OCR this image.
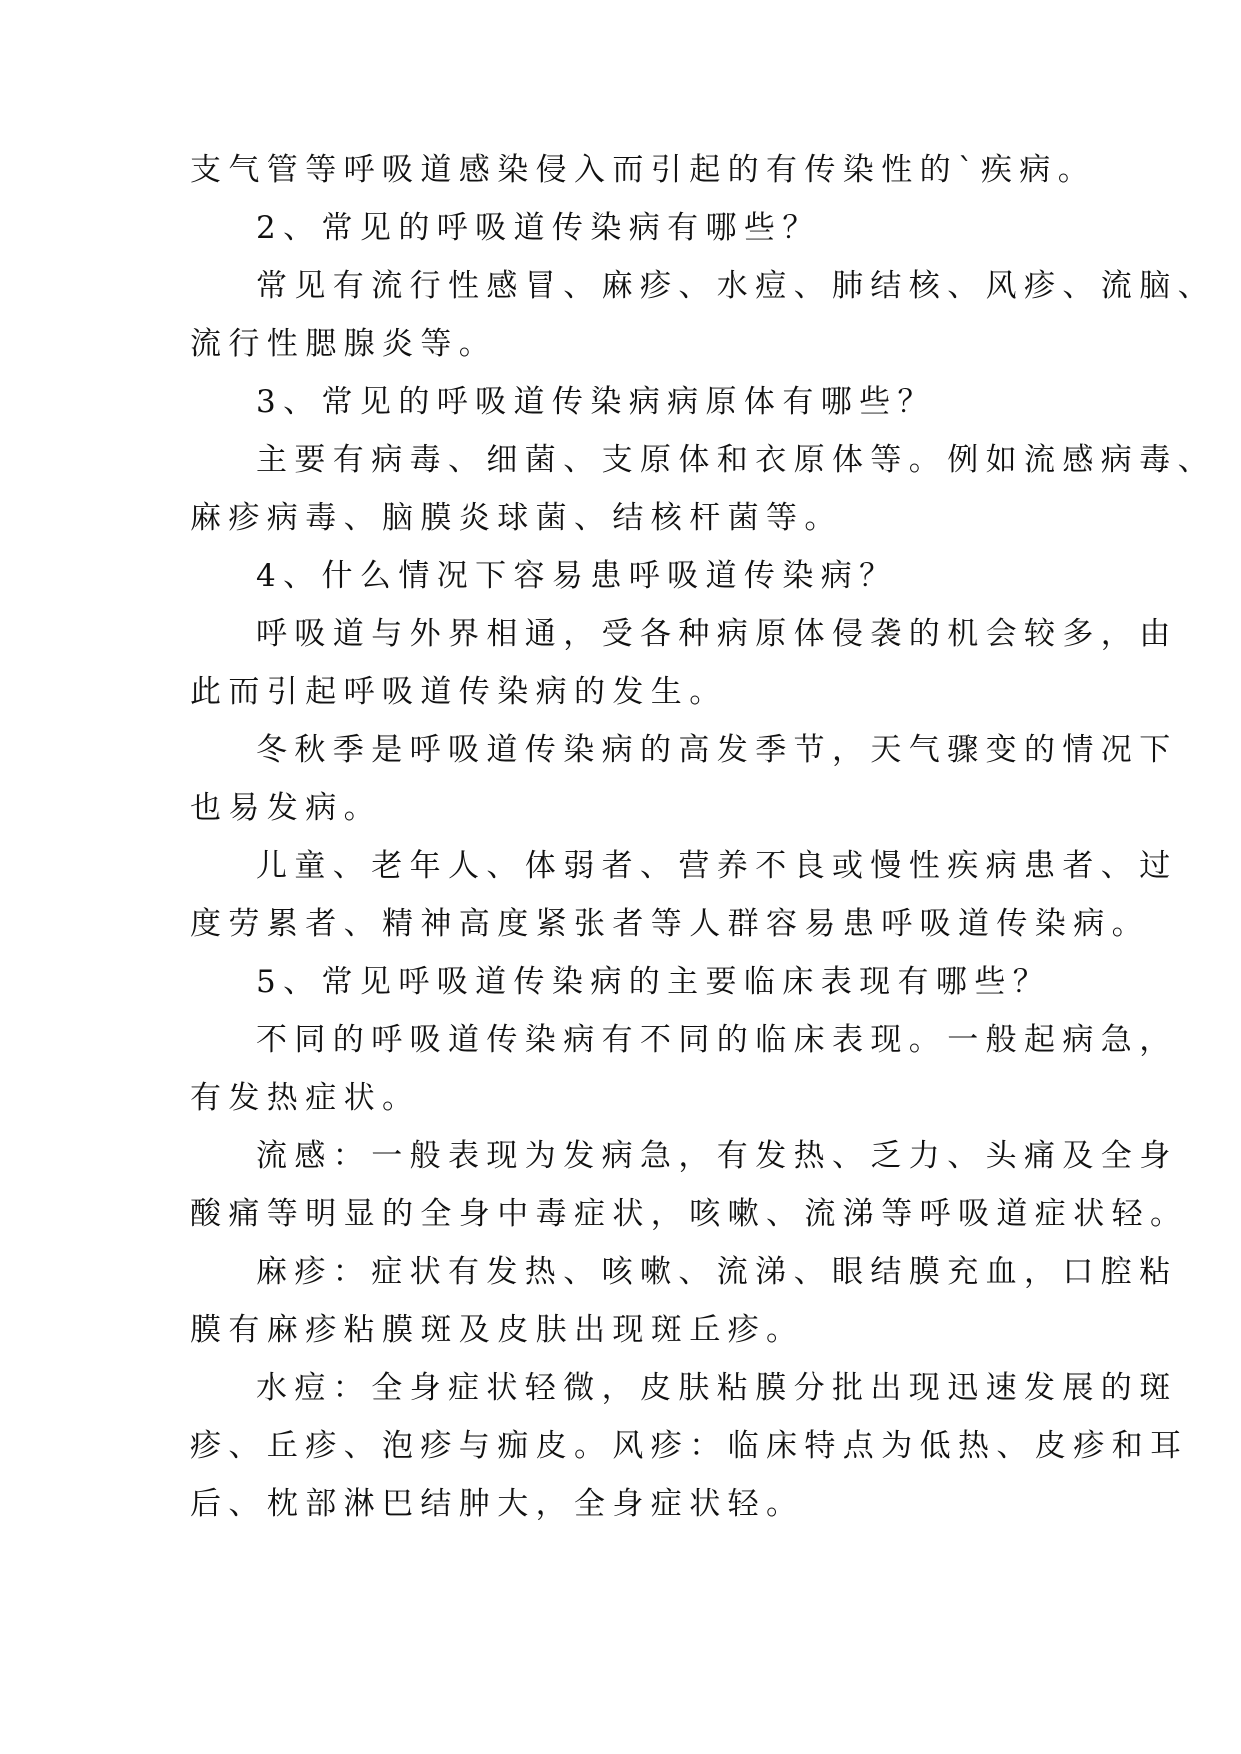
支气管等呼吸道感染侵入而引起的有传染性的`疾病。

2、常见的呼吸道传染病有哪些？

常见有流行性感冒、麻疹、水痘、肺结核、风疹、流脑、

流行性腮腺炎等。

3、常见的呼吸道传染病病原体有哪些？

主要有病毒、细菌、支原体和衣原体等。例如流感病毒、

麻疹病毒、脑膜炎球菌、结核杆菌等。

4、什么情况下容易患呼吸道传染病？

呼吸道与外界相通，受各种病原体侵袭的机会较多，由

此而引起呼吸道传染病的发生。

冬秋季是呼吸道传染病的高发季节，天气骤变的情况下

也易发病。

儿童、老年人、体弱者、营养不良或慢性疾病患者、过

度劳累者、精神高度紧张者等人群容易患呼吸道传染病。

5、常见呼吸道传染病的主要临床表现有哪些？

不同的呼吸道传染病有不同的临床表现。一般起病急，

有发热症状。

流感：一般表现为发病急，有发热、乏力、头痛及全身

酸痛等明显的全身中毒症状，咳嗽、流涕等呼吸道症状轻。

麻疹：症状有发热、咳嗽、流涕、眼结膜充血，口腔粘

膜有麻疹粘膜斑及皮肤出现斑丘疹。

水痘：全身症状轻微，皮肤粘膜分批出现迅速发展的斑

疹、丘疹、泡疹与痂皮。风疹：临床特点为低热、皮疹和耳

后、枕部淋巴结肿大，全身症状轻。
